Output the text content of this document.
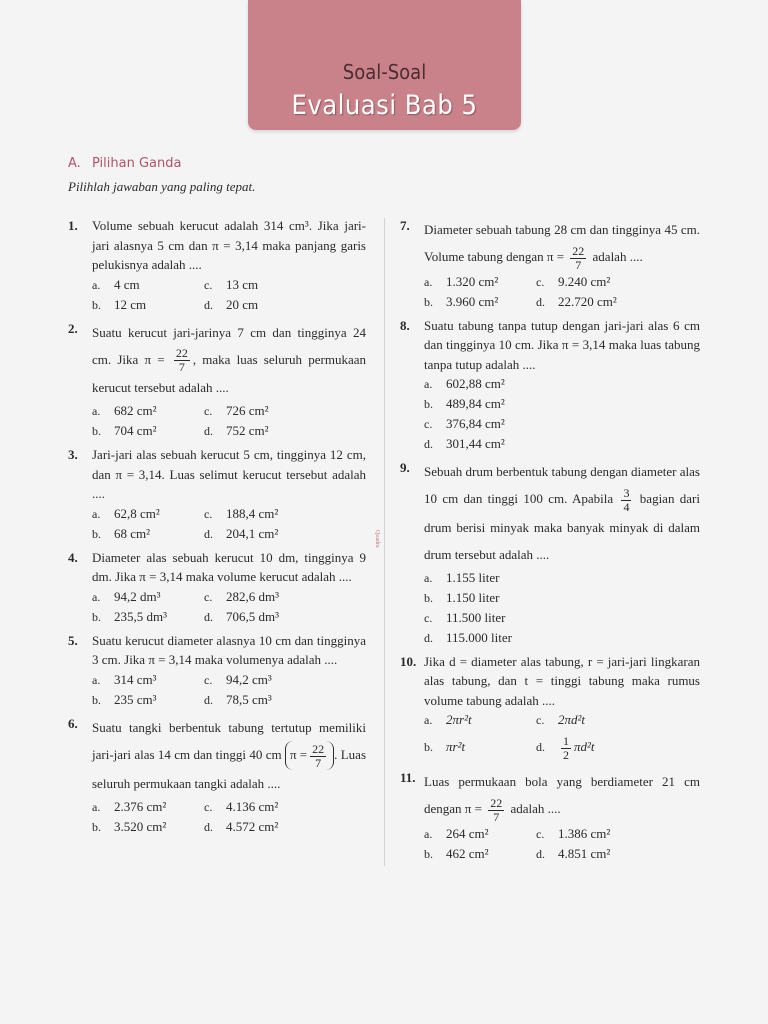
Soal-Soal
Evaluasi Bab 5
A. Pilihan Ganda
Pilihlah jawaban yang paling tepat.
Quadra
1. Volume sebuah kerucut adalah 314 cm³. Jika jari-jari alasnya 5 cm dan π = 3,14 maka panjang garis pelukisnya adalah ....
a.	4 cm	c.	13 cm
b.	12 cm	d.	20 cm
2. Suatu kerucut jari-jarinya 7 cm dan tingginya 24 cm. Jika $\pi = \frac{22}{7}$ , maka luas seluruh permukaan kerucut tersebut adalah ....
a.	682 cm²	c.	726 cm²
b.	704 cm²	d.	752 cm²
3. Jari-jari alas sebuah kerucut 5 cm, tingginya 12 cm, dan π = 3,14. Luas selimut kerucut tersebut adalah ....
a.	62,8 cm²	c.	188,4 cm²
b.	68 cm²	d.	204,1 cm²
4. Diameter alas sebuah kerucut 10 dm, tingginya 9 dm. Jika π = 3,14 maka volume kerucut adalah ....
a.	94,2 dm³	c.	282,6 dm³
b.	235,5 dm³	d.	706,5 dm³
5. Suatu kerucut diameter alasnya 10 cm dan tingginya 3 cm. Jika π = 3,14 maka volumenya adalah ....
a.	314 cm³	c.	94,2 cm³
b.	235 cm³	d.	78,5 cm³
6. Suatu tangki berbentuk tabung tertutup memiliki jari-jari alas 14 cm dan tinggi 40 cm $\pi = \frac{22}{7}$ . Luas seluruh permukaan tangki adalah ....
a.	2.376 cm²	c.	4.136 cm²
b.	3.520 cm²	d.	4.572 cm²
7. Diameter sebuah tabung 28 cm dan tingginya 45 cm. Volume tabung dengan $\pi = \frac{22}{7}$ adalah ....
a.	1.320 cm²	c.	9.240 cm²
b.	3.960 cm²	d.	22.720 cm²
8. Suatu tabung tanpa tutup dengan jari-jari alas 6 cm dan tingginya 10 cm. Jika π = 3,14 maka luas tabung tanpa tutup adalah ....
a.	602,88 cm²
b.	489,84 cm²
c.	376,84 cm²
d.	301,44 cm²
9. Sebuah drum berbentuk tabung dengan diameter alas 10 cm dan tinggi 100 cm. Apabila $\frac{3}{4}$ bagian dari drum berisi minyak maka banyak minyak di dalam drum tersebut adalah ....
a.	1.155 liter
b.	1.150 liter
c.	11.500 liter
d.	115.000 liter
10. Jika d = diameter alas tabung, r = jari-jari lingkaran alas tabung, dan t = tinggi tabung maka rumus volume tabung adalah ....
a.	2πr²t	c.	2πd²t
b.	πr²t	d.	$\frac{1}{2} \pi d^2t$
11. Luas permukaan bola yang berdiameter 21 cm dengan $\pi = \frac{22}{7}$ adalah ....
a.	264 cm²	c.	1.386 cm²
b.	462 cm²	d.	4.851 cm²
